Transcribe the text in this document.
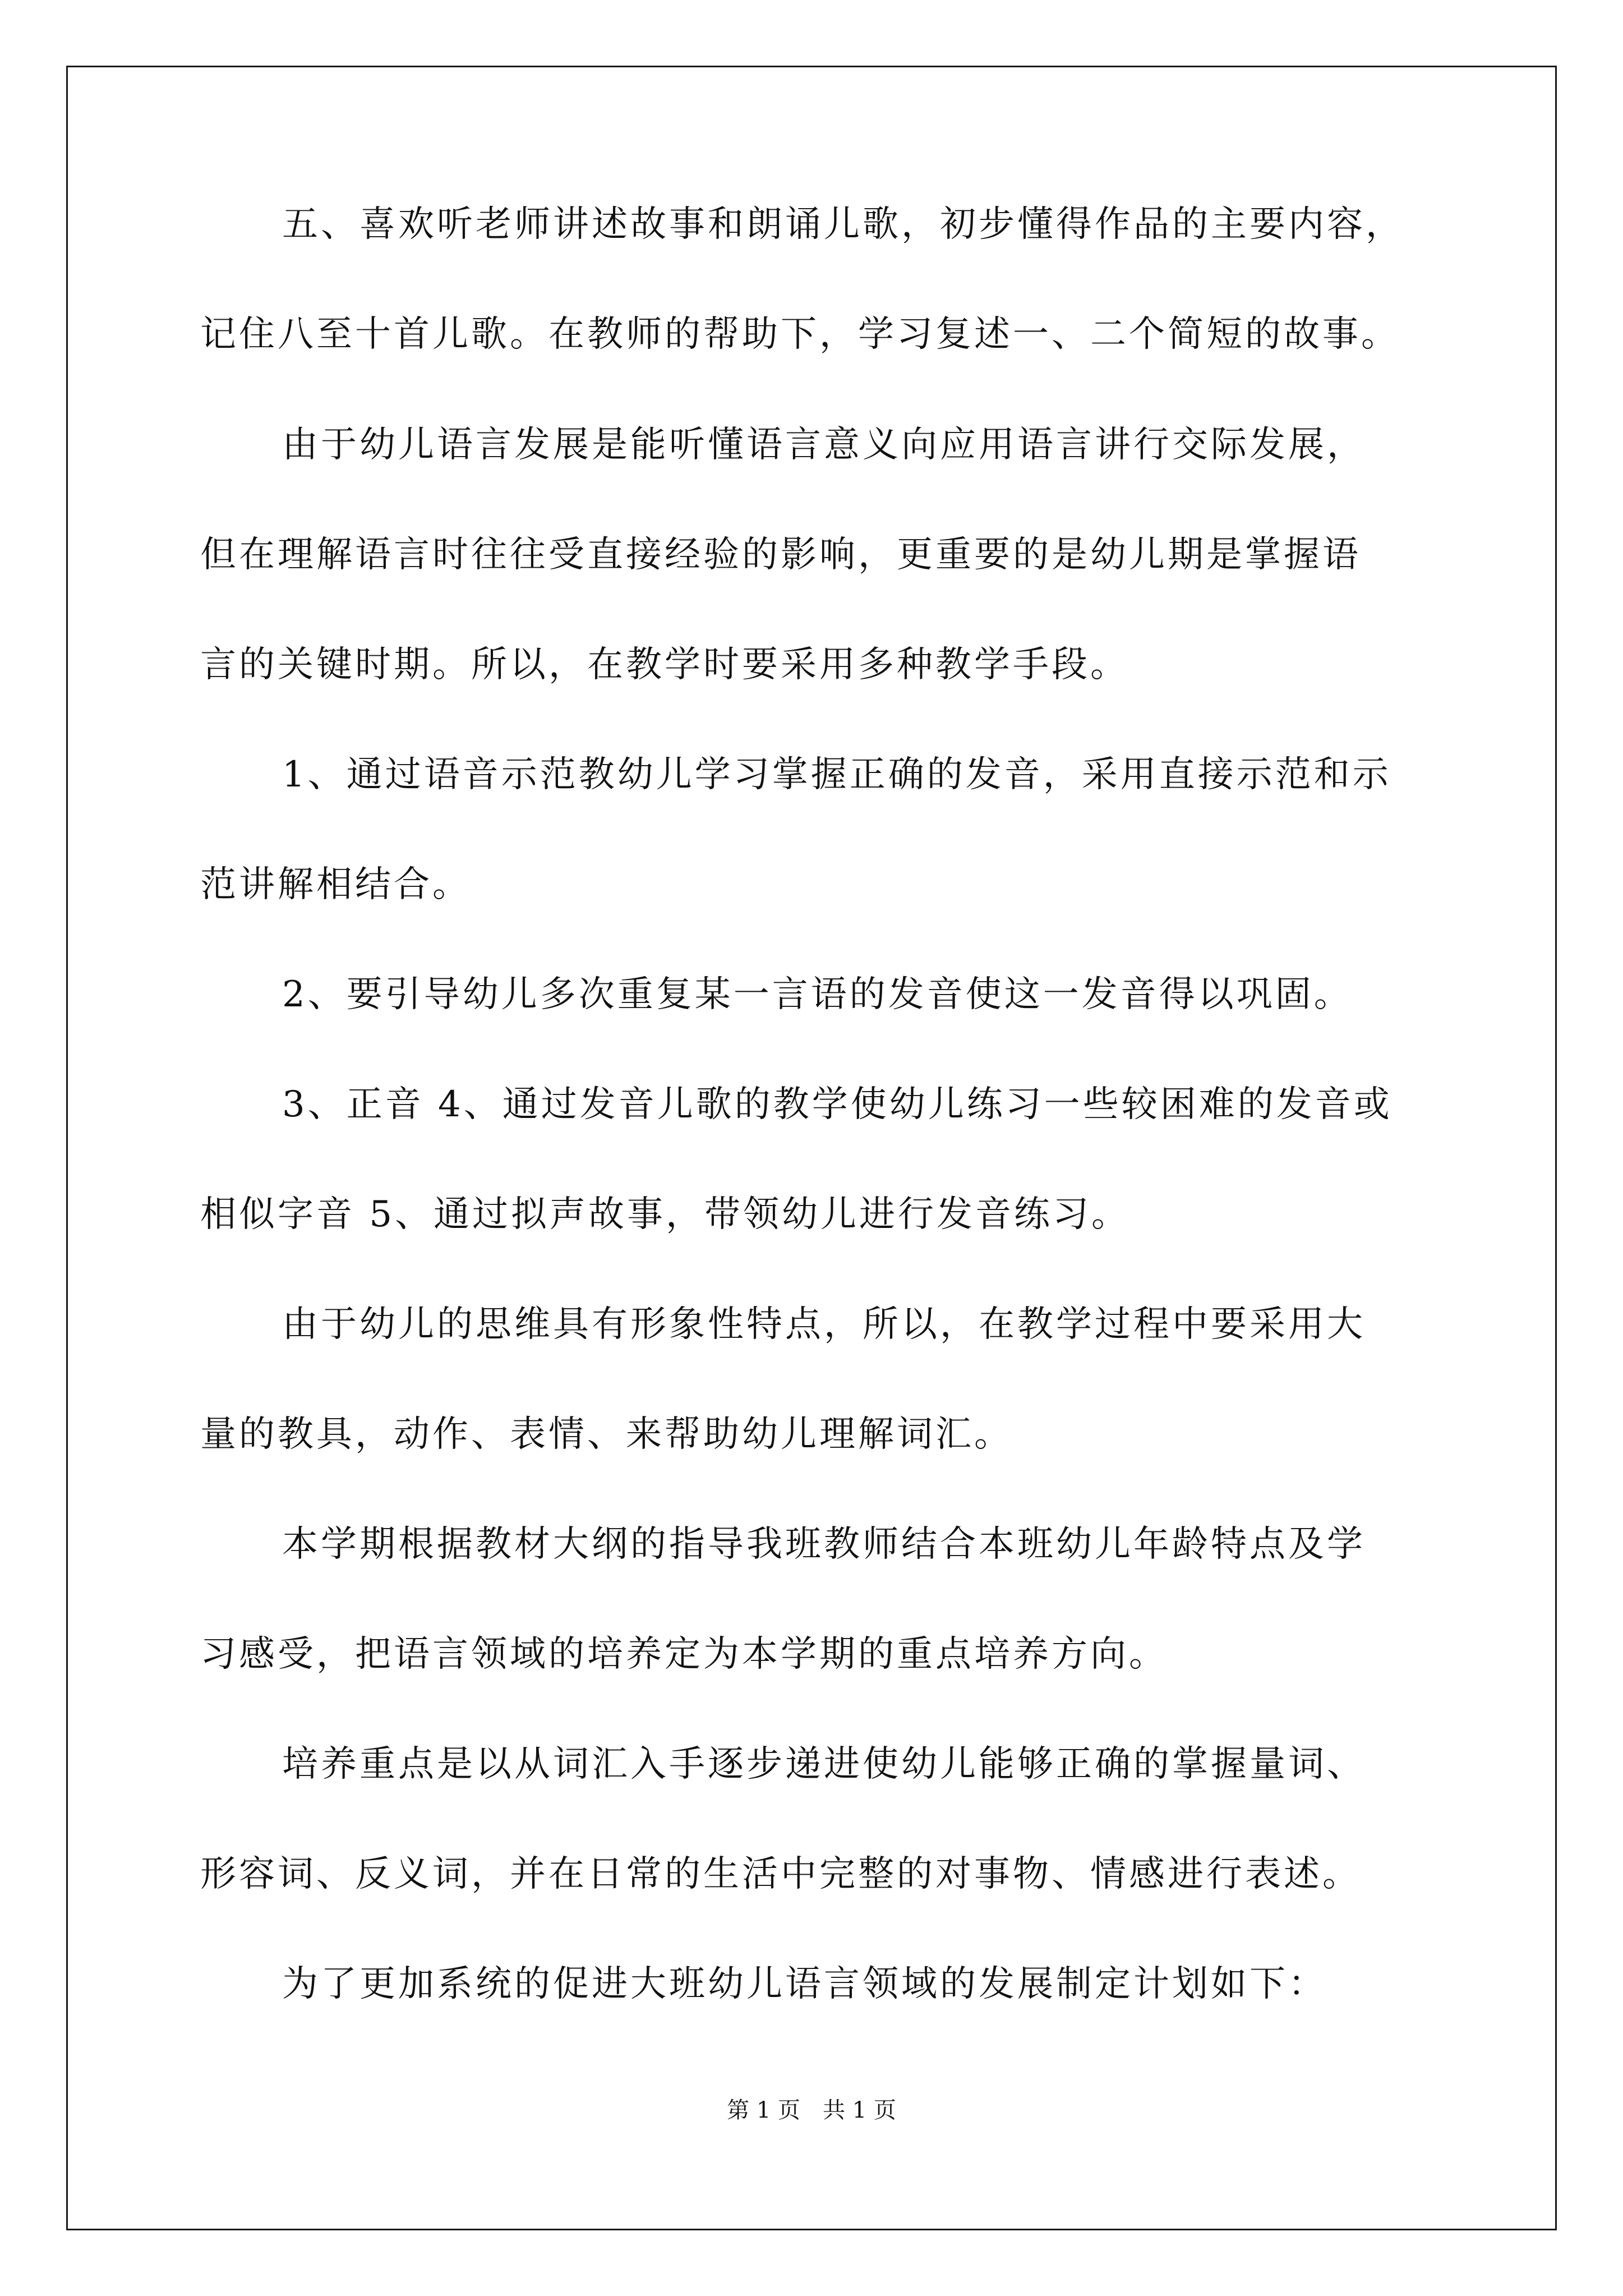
五、喜欢听老师讲述故事和朗诵儿歌，初步懂得作品的主要内容，
记住八至十首儿歌。在教师的帮助下，学习复述一、二个简短的故事。
由于幼儿语言发展是能听懂语言意义向应用语言讲行交际发展，
但在理解语言时往往受直接经验的影响，更重要的是幼儿期是掌握语
言的关键时期。所以，在教学时要采用多种教学手段。
1、通过语音示范教幼儿学习掌握正确的发音，采用直接示范和示
范讲解相结合。
2、要引导幼儿多次重复某一言语的发音使这一发音得以巩固。
3、正音 4、通过发音儿歌的教学使幼儿练习一些较困难的发音或
相似字音 5、通过拟声故事，带领幼儿进行发音练习。
由于幼儿的思维具有形象性特点，所以，在教学过程中要采用大
量的教具，动作、表情、来帮助幼儿理解词汇。
本学期根据教材大纲的指导我班教师结合本班幼儿年龄特点及学
习感受，把语言领域的培养定为本学期的重点培养方向。
培养重点是以从词汇入手逐步递进使幼儿能够正确的掌握量词、
形容词、反义词，并在日常的生活中完整的对事物、情感进行表述。
为了更加系统的促进大班幼儿语言领域的发展制定计划如下：
第 1 页 共 1 页
